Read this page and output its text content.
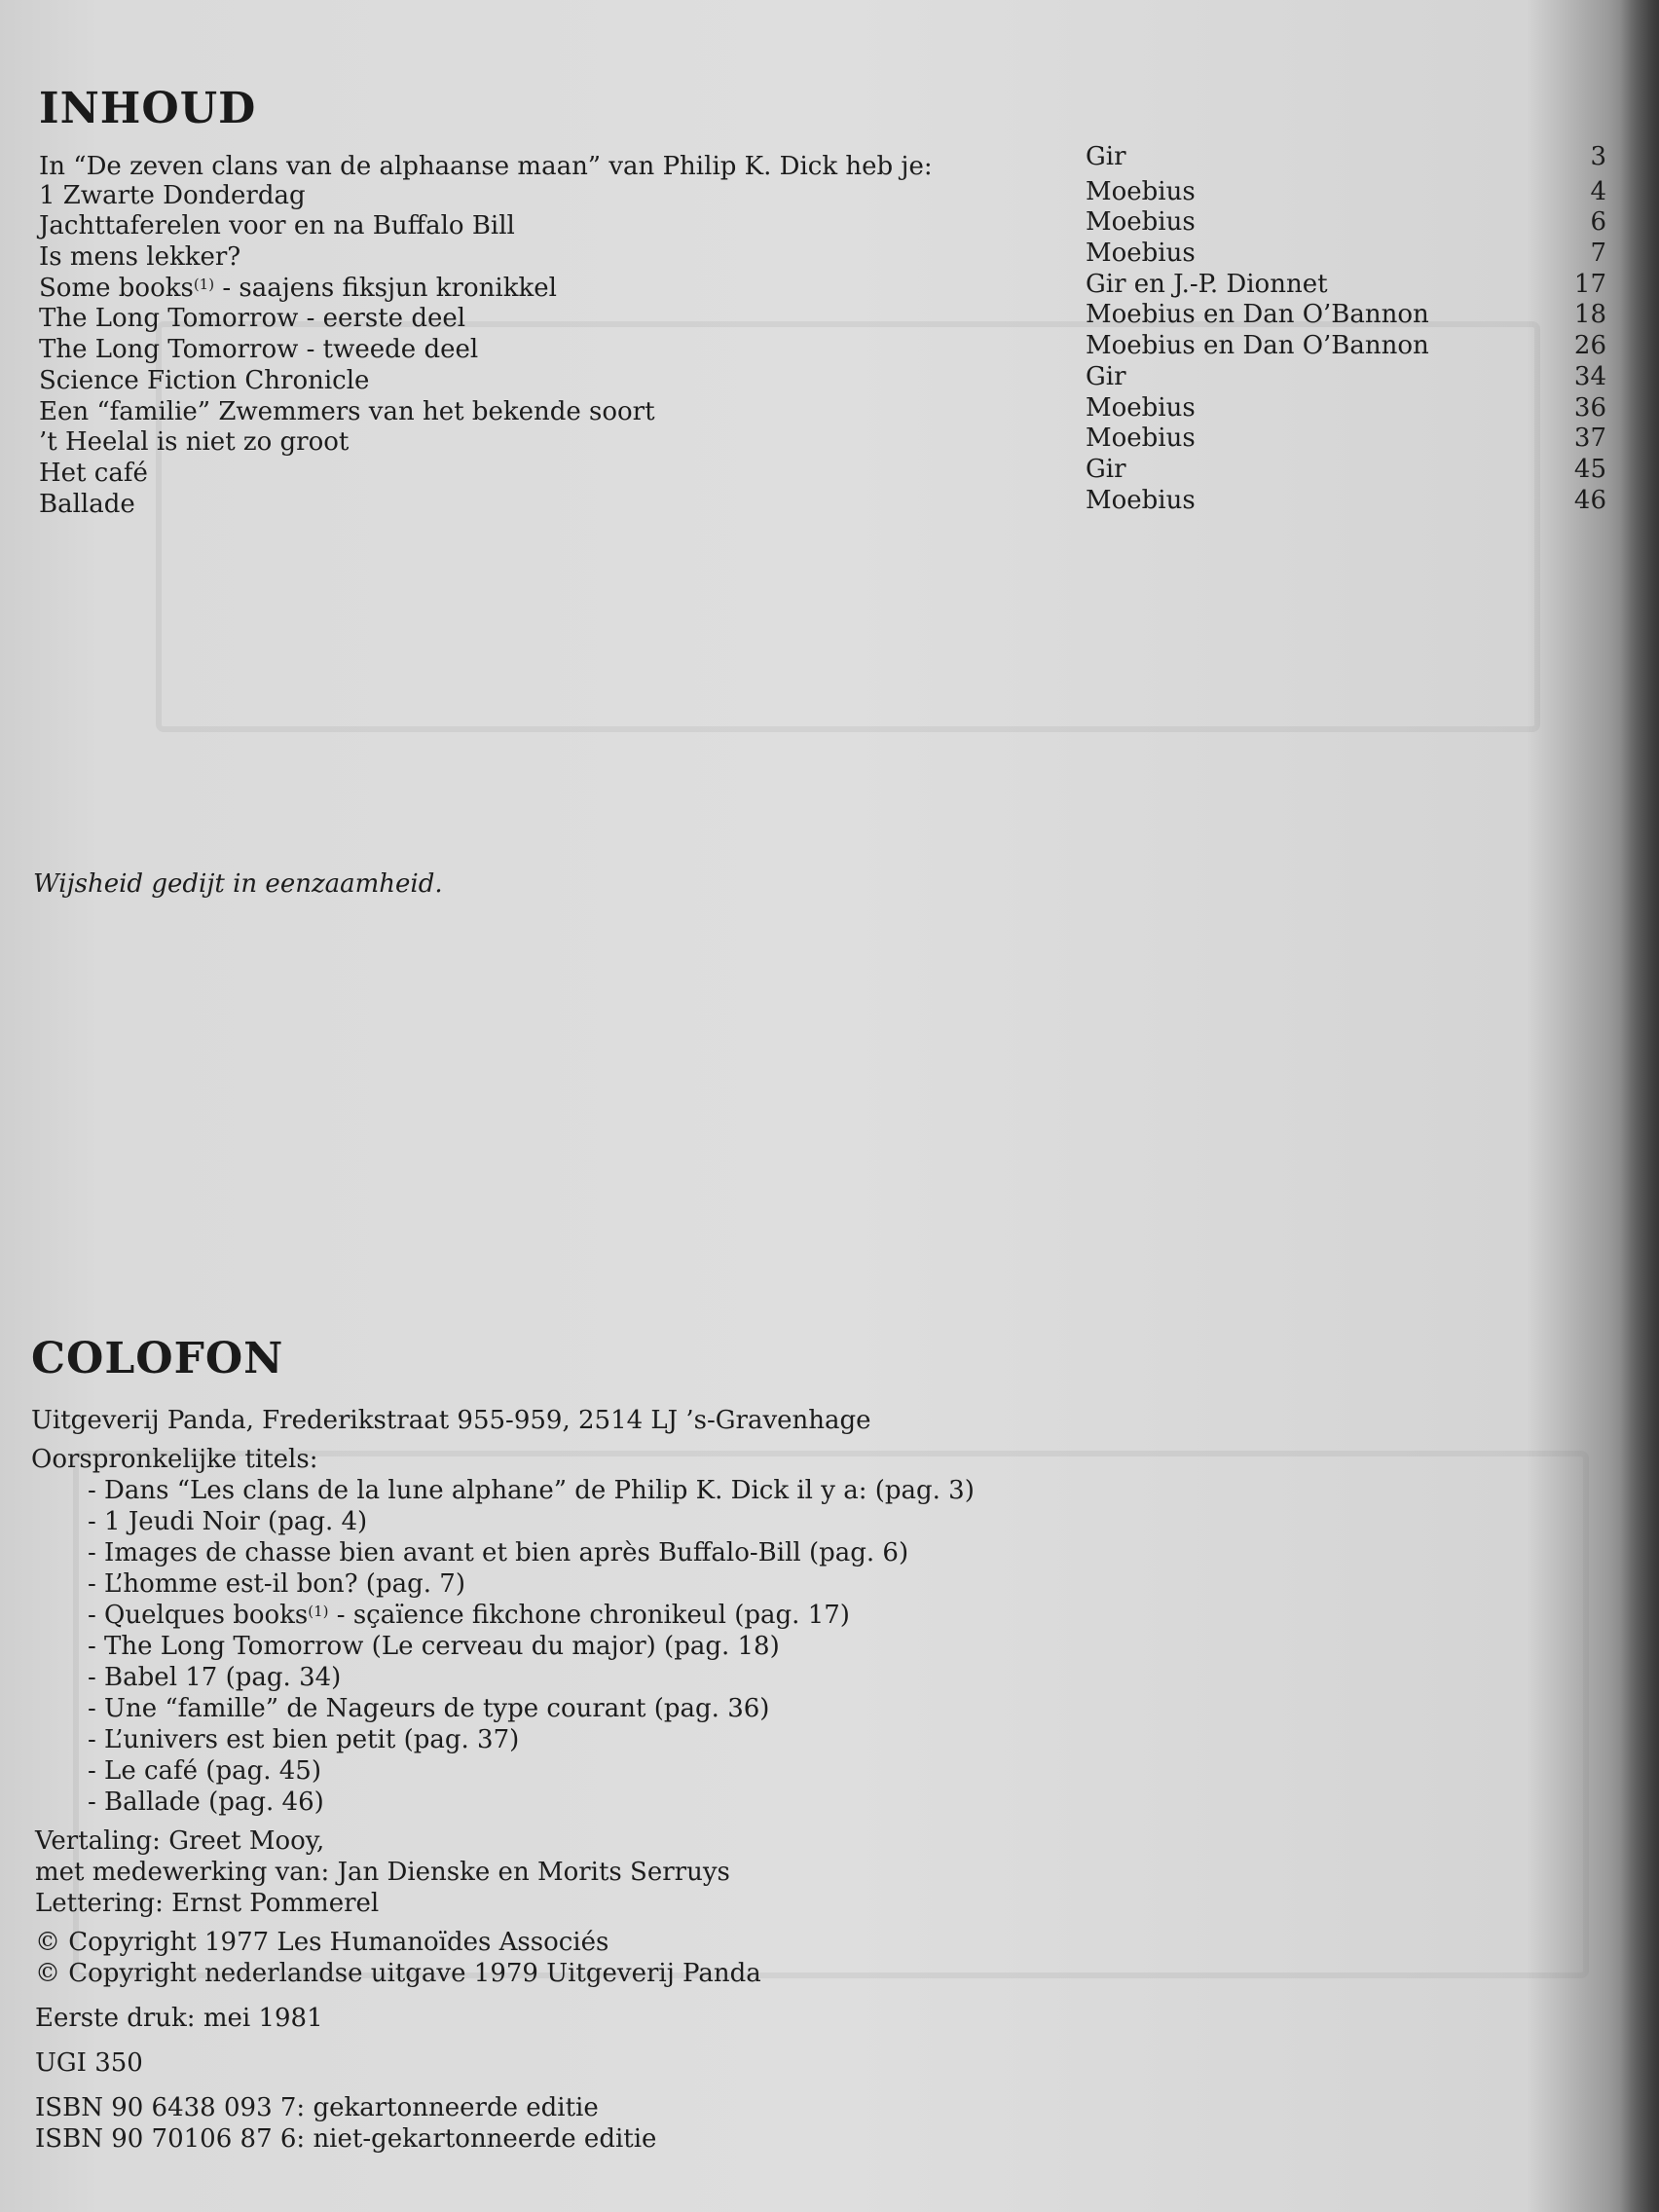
INHOUD
In “De zeven clans van de alphaanse maan” van Philip K. Dick heb je:	Gir	3
1 Zwarte Donderdag	Moebius	4
Jachttaferelen voor en na Buffalo Bill	Moebius	6
Is mens lekker?	Moebius	7
Some books$^{(1)}$ - saajens fiksjun kronikkel	Gir en J.-P. Dionnet	17
The Long Tomorrow - eerste deel	Moebius en Dan O’Bannon	18
The Long Tomorrow - tweede deel	Moebius en Dan O’Bannon	26
Science Fiction Chronicle	Gir	34
Een “familie” Zwemmers van het bekende soort	Moebius	36
’t Heelal is niet zo groot	Moebius	37
Het café	Gir	45
Ballade	Moebius	46

Wijsheid gedijt in eenzaamheid.

COLOFON
Uitgeverij Panda, Frederikstraat 955-959, 2514 LJ ’s-Gravenhage
Oorspronkelijke titels:
- Dans “Les clans de la lune alphane” de Philip K. Dick il y a: (pag. 3)
- 1 Jeudi Noir (pag. 4)
- Images de chasse bien avant et bien après Buffalo-Bill (pag. 6)
- L’homme est-il bon? (pag. 7)
- Quelques books$^{(1)}$ - sçaïence fikchone chronikeul (pag. 17)
- The Long Tomorrow (Le cerveau du major) (pag. 18)
- Babel 17 (pag. 34)
- Une “famille” de Nageurs de type courant (pag. 36)
- L’univers est bien petit (pag. 37)
- Le café (pag. 45)
- Ballade (pag. 46)
Vertaling: Greet Mooy,
met medewerking van: Jan Dienske en Morits Serruys
Lettering: Ernst Pommerel
© Copyright 1977 Les Humanoïdes Associés
© Copyright nederlandse uitgave 1979 Uitgeverij Panda
Eerste druk: mei 1981
UGI 350
ISBN 90 6438 093 7: gekartonneerde editie
ISBN 90 70106 87 6: niet-gekartonneerde editie
